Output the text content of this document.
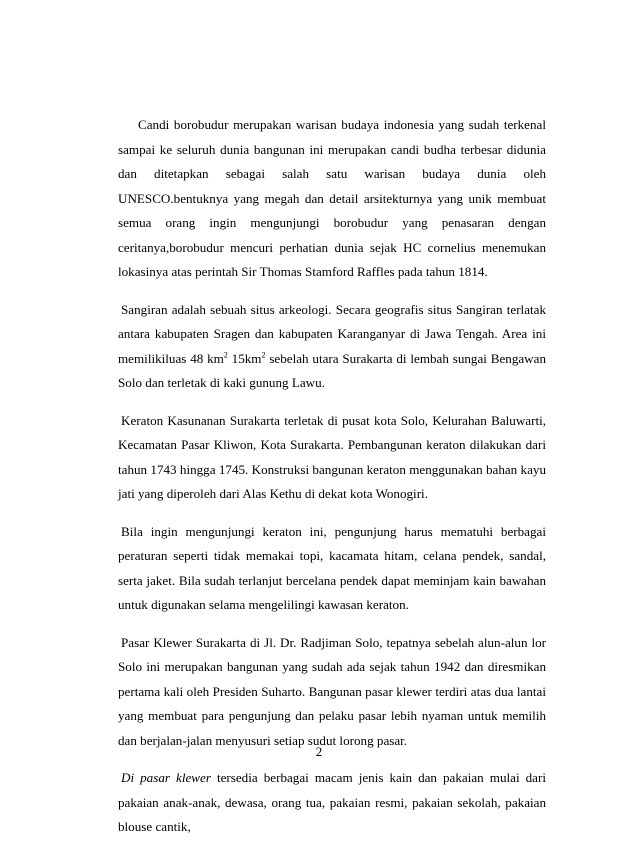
Candi borobudur merupakan warisan budaya indonesia yang sudah terkenal sampai ke seluruh dunia bangunan ini merupakan candi budha terbesar didunia dan ditetapkan sebagai salah satu warisan budaya dunia oleh UNESCO.bentuknya yang megah dan detail arsitekturnya yang unik membuat semua orang ingin mengunjungi borobudur yang penasaran dengan ceritanya,borobudur mencuri perhatian dunia sejak HC cornelius menemukan lokasinya atas perintah Sir Thomas Stamford Raffles pada tahun 1814.

Sangiran adalah sebuah situs arkeologi. Secara geografis situs Sangiran terlatak antara kabupaten Sragen dan kabupaten Karanganyar di Jawa Tengah. Area ini memilikiluas 48 $km^2$ $15km^2$ sebelah utara Surakarta di lembah sungai Bengawan Solo dan terletak di kaki gunung Lawu.

Keraton Kasunanan Surakarta terletak di pusat kota Solo, Kelurahan Baluwarti, Kecamatan Pasar Kliwon, Kota Surakarta. Pembangunan keraton dilakukan dari tahun 1743 hingga 1745. Konstruksi bangunan keraton menggunakan bahan kayu jati yang diperoleh dari Alas Kethu di dekat kota Wonogiri.

Bila ingin mengunjungi keraton ini, pengunjung harus mematuhi berbagai peraturan seperti tidak memakai topi, kacamata hitam, celana pendek, sandal, serta jaket. Bila sudah terlanjut bercelana pendek dapat meminjam kain bawahan untuk digunakan selama mengelilingi kawasan keraton.

Pasar Klewer Surakarta di Jl. Dr. Radjiman Solo, tepatnya sebelah alun-alun lor Solo ini merupakan bangunan yang sudah ada sejak tahun 1942 dan diresmikan pertama kali oleh Presiden Suharto. Bangunan pasar klewer terdiri atas dua lantai yang membuat para pengunjung dan pelaku pasar lebih nyaman untuk memilih dan berjalan-jalan menyusuri setiap sudut lorong pasar.

Di pasar klewer tersedia berbagai macam jenis kain dan pakaian mulai dari pakaian anak-anak, dewasa, orang tua, pakaian resmi, pakaian sekolah, pakaian blouse cantik,

2
